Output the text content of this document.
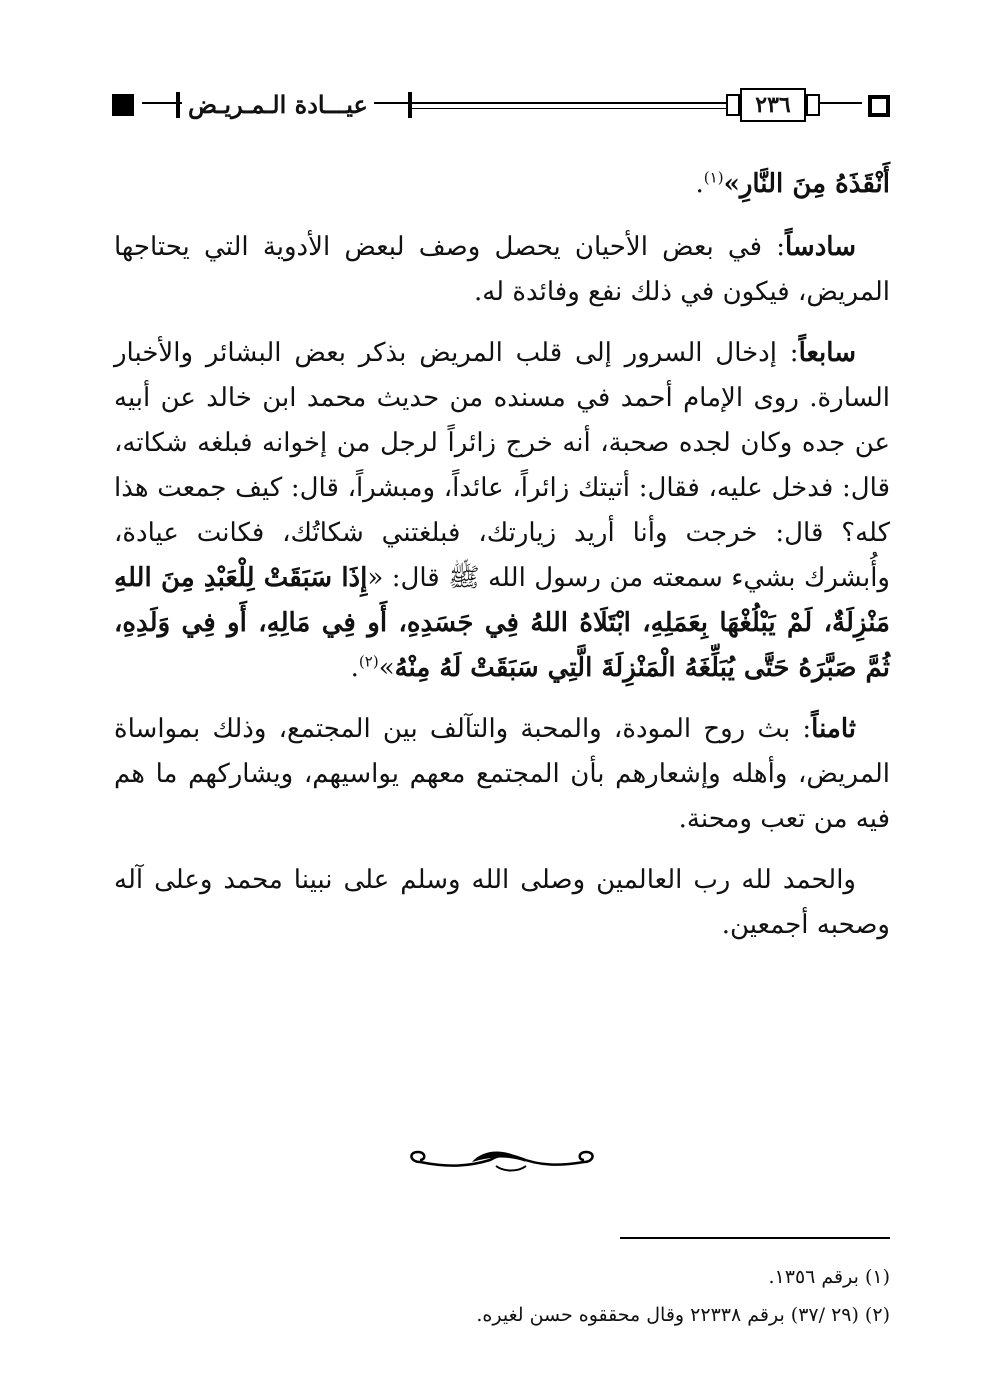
٢٣٦
عيـــادة الـمـريـض

أَنْقَذَهُ مِنَ النَّارِ»$^{(١)}$.

سادساً: في بعض الأحيان يحصل وصف لبعض الأدوية التي يحتاجها المريض، فيكون في ذلك نفع وفائدة له.

سابعاً: إدخال السرور إلى قلب المريض بذكر بعض البشائر والأخبار السارة. روى الإمام أحمد في مسنده من حديث محمد ابن خالد عن أبيه عن جده وكان لجده صحبة، أنه خرج زائراً لرجل من إخوانه فبلغه شكاته، قال: فدخل عليه، فقال: أتيتك زائراً، عائداً، ومبشراً، قال: كيف جمعت هذا كله؟ قال: خرجت وأنا أريد زيارتك، فبلغتني شكاتُك، فكانت عيادة، وأُبشرك بشيء سمعته من رسول الله ﷺ قال: «إِذَا سَبَقَتْ لِلْعَبْدِ مِنَ اللهِ مَنْزِلَةٌ، لَمْ يَبْلُغْهَا بِعَمَلِهِ، ابْتَلَاهُ اللهُ فِي جَسَدِهِ، أَو فِي مَالِهِ، أَو فِي وَلَدِهِ، ثُمَّ صَبَّرَهُ حَتَّى يُبَلِّغَهُ الْمَنْزِلَةَ الَّتِي سَبَقَتْ لَهُ مِنْهُ»$^{(٢)}$.

ثامناً: بث روح المودة، والمحبة والتآلف بين المجتمع، وذلك بمواساة المريض، وأهله وإشعارهم بأن المجتمع معهم يواسيهم، ويشاركهم ما هم فيه من تعب ومحنة.

والحمد لله رب العالمين وصلى الله وسلم على نبينا محمد وعلى آله وصحبه أجمعين.

(١) برقم ١٣٥٦.
(٢) (٢٩ /٣٧) برقم ٢٢٣٣٨ وقال محققوه حسن لغيره.
